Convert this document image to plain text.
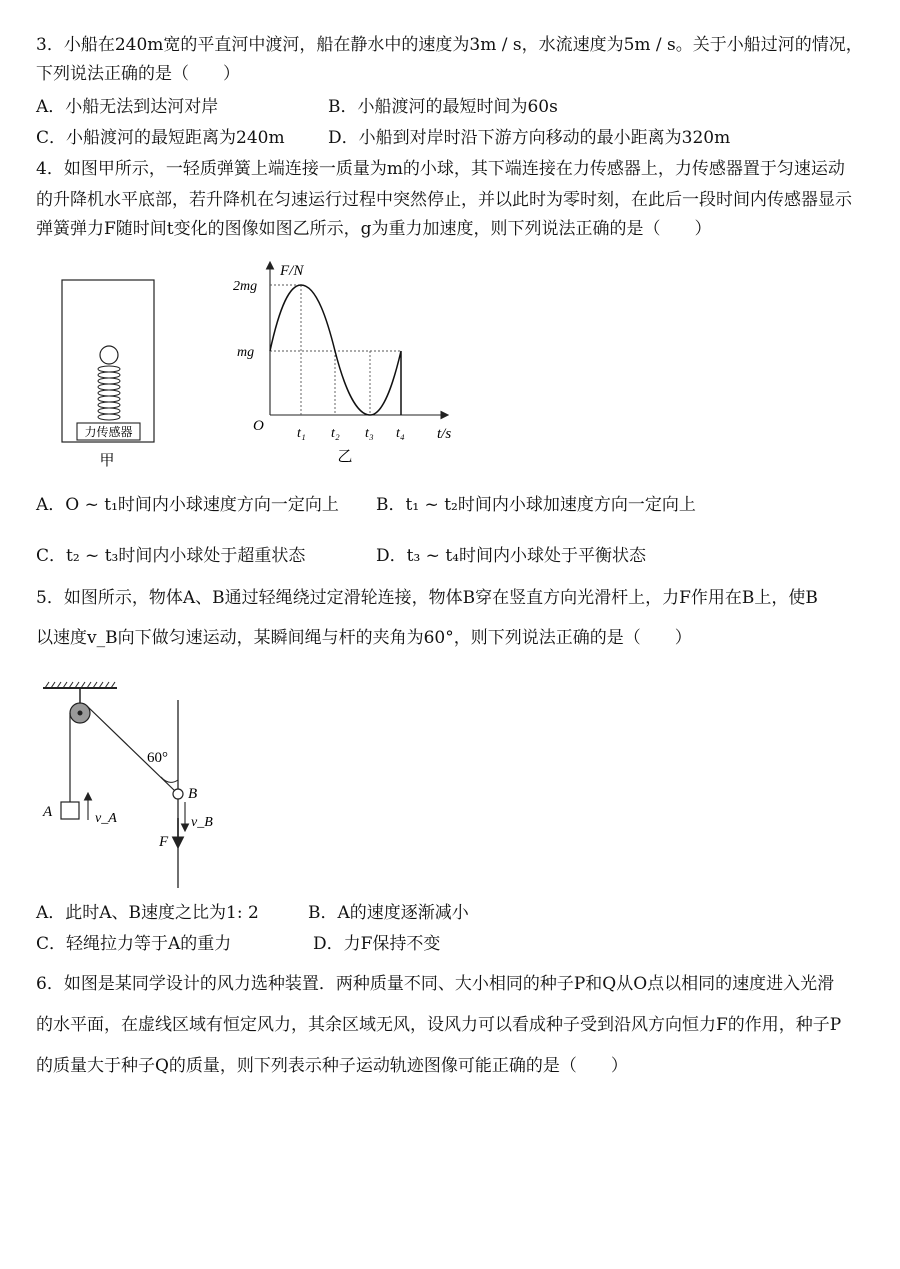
3．小船在240m宽的平直河中渡河，船在静水中的速度为3m / s，水流速度为5m / s。关于小船过河的情况，
下列说法正确的是（　　）
A．小船无法到达河对岸	B．小船渡河的最短时间为60s
C．小船渡河的最短距离为240m	D．小船到对岸时沿下游方向移动的最小距离为320m
4．如图甲所示，一轻质弹簧上端连接一质量为m的小球，其下端连接在力传感器上，力传感器置于匀速运动
的升降机水平底部，若升降机在匀速运行过程中突然停止，并以此时为零时刻，在此后一段时间内传感器显示
弹簧弹力F随时间t变化的图像如图乙所示，g为重力加速度，则下列说法正确的是（　　）
力传感器
甲
F/N
t/s
2mg
mg
O t₁ t₂ t₃ t₄
乙
A．O ~ t₁时间内小球速度方向一定向上 B．t₁ ~ t₂时间内小球加速度方向一定向上
C．t₂ ~ t₃时间内小球处于超重状态	D．t₃ ~ t₄时间内小球处于平衡状态
5．如图所示，物体A、B通过轻绳绕过定滑轮连接，物体B穿在竖直方向光滑杆上，力F作用在B上，使B
以速度v_B向下做匀速运动，某瞬间绳与杆的夹角为60°，则下列说法正确的是（　　）
60°
B
A	v_A	v_B
F
A．此时A、B速度之比为1: 2	B．A的速度逐渐减小
C．轻绳拉力等于A的重力	D．力F保持不变
6．如图是某同学设计的风力选种装置．两种质量不同、大小相同的种子P和Q从O点以相同的速度进入光滑
的水平面，在虚线区域有恒定风力，其余区域无风，设风力可以看成种子受到沿风方向恒力F的作用，种子P
的质量大于种子Q的质量，则下列表示种子运动轨迹图像可能正确的是（　　）
